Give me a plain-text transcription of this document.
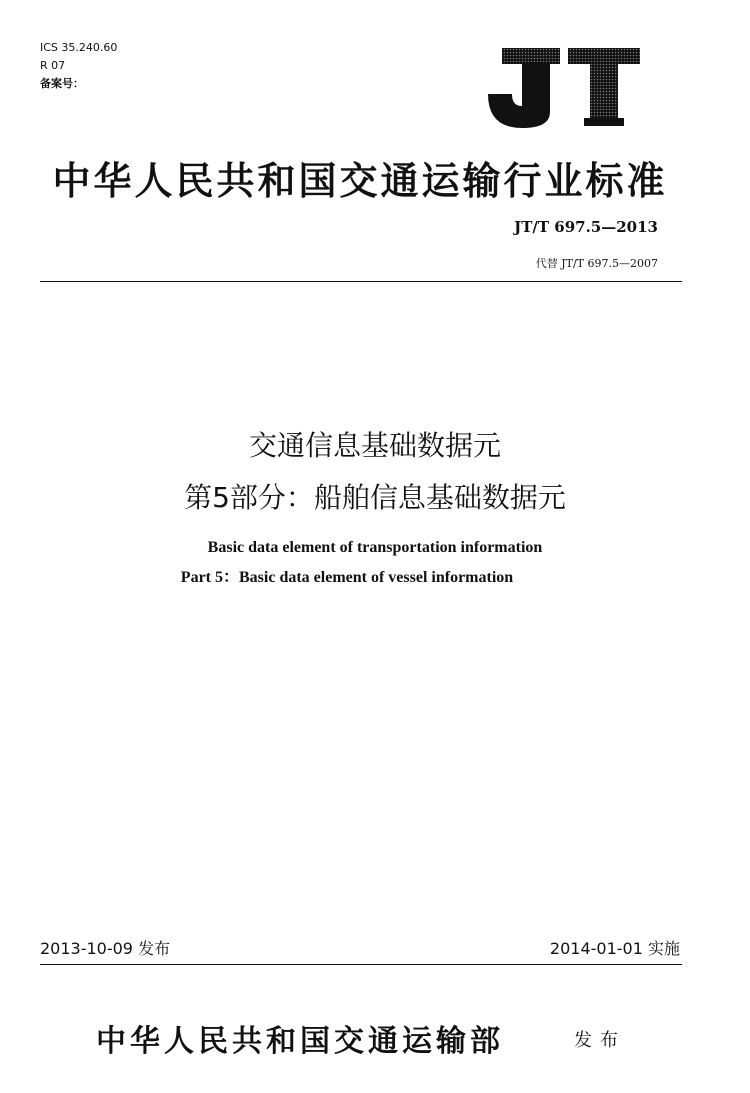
ICS 35.240.60
R 07
备案号：
中华人民共和国交通运输行业标准
JT/T 697.5—2013
代替 JT/T 697.5—2007
交通信息基础数据元
第5部分：船舶信息基础数据元
Basic data element of transportation information
Part 5：Basic data element of vessel information
2013-10-09 发布	2014-01-01 实施
中华人民共和国交通运输部	发布
